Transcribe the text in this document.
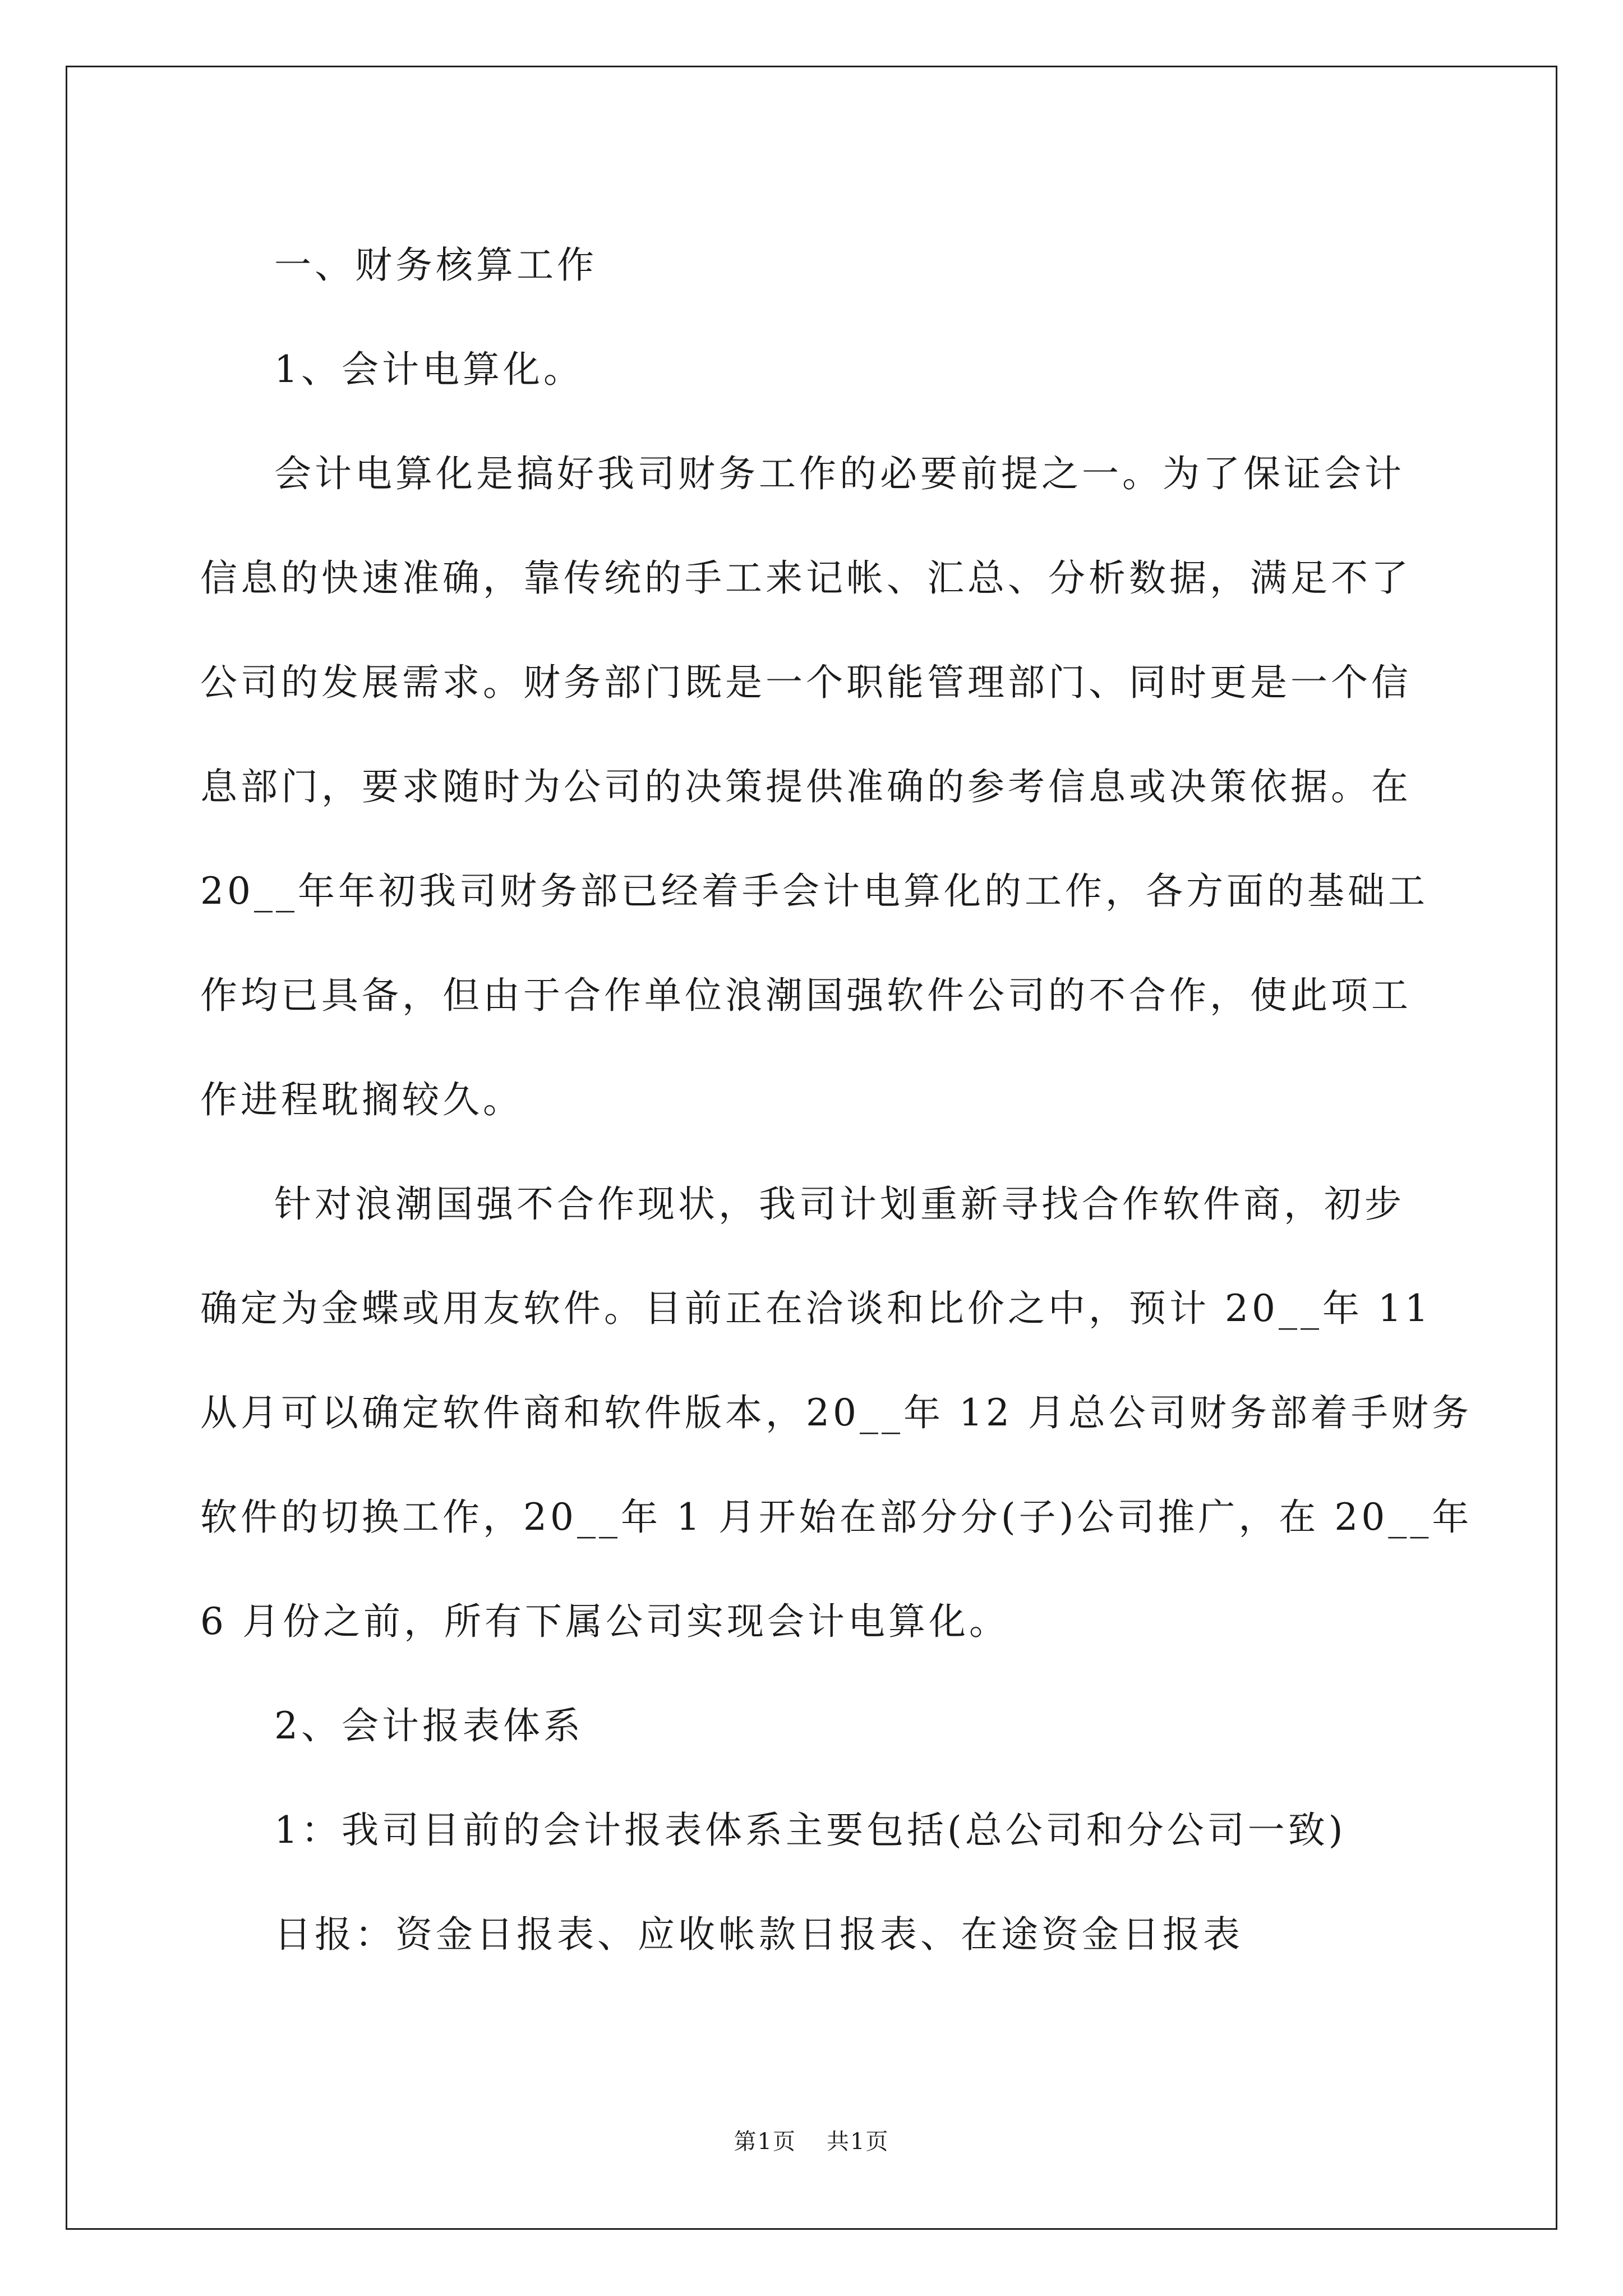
一、财务核算工作
1、会计电算化。
会计电算化是搞好我司财务工作的必要前提之一。为了保证会计
信息的快速准确，靠传统的手工来记帐、汇总、分析数据，满足不了
公司的发展需求。财务部门既是一个职能管理部门、同时更是一个信
息部门，要求随时为公司的决策提供准确的参考信息或决策依据。在
20__年年初我司财务部已经着手会计电算化的工作，各方面的基础工
作均已具备，但由于合作单位浪潮国强软件公司的不合作，使此项工
作进程耽搁较久。
针对浪潮国强不合作现状，我司计划重新寻找合作软件商，初步
确定为金蝶或用友软件。目前正在洽谈和比价之中，预计 20__年 11
从月可以确定软件商和软件版本，20__年 12 月总公司财务部着手财务
软件的切换工作，20__年 1 月开始在部分分(子)公司推广，在 20__年
6 月份之前，所有下属公司实现会计电算化。
2、会计报表体系
1：我司目前的会计报表体系主要包括(总公司和分公司一致)
日报：资金日报表、应收帐款日报表、在途资金日报表
第1页 共1页
